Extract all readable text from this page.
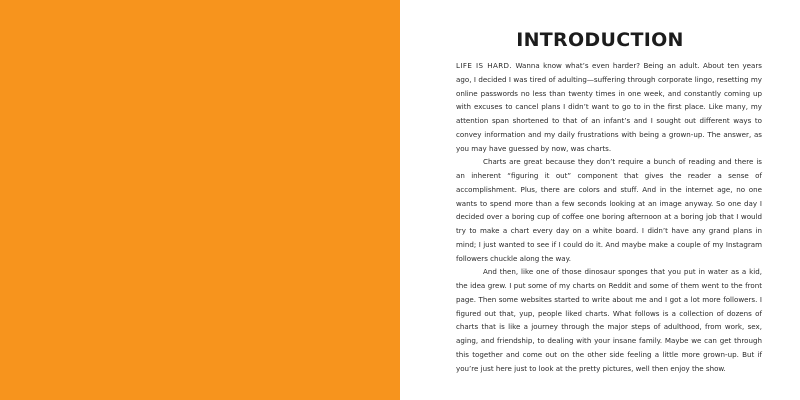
INTRODUCTION

LIFE IS HARD. Wanna know what’s even harder? Being an adult. About ten years ago, I decided I was tired of adulting—suffering through corporate lingo, resetting my online passwords no less than twenty times in one week, and constantly coming up with excuses to cancel plans I didn’t want to go to in the first place. Like many, my attention span shortened to that of an infant’s and I sought out different ways to convey information and my daily frustrations with being a grown-up. The answer, as you may have guessed by now, was charts.

Charts are great because they don’t require a bunch of reading and there is an inherent “figuring it out” component that gives the reader a sense of accomplishment. Plus, there are colors and stuff. And in the internet age, no one wants to spend more than a few seconds looking at an image anyway. So one day I decided over a boring cup of coffee one boring afternoon at a boring job that I would try to make a chart every day on a white board. I didn’t have any grand plans in mind; I just wanted to see if I could do it. And maybe make a couple of my Instagram followers chuckle along the way.

And then, like one of those dinosaur sponges that you put in water as a kid, the idea grew. I put some of my charts on Reddit and some of them went to the front page. Then some websites started to write about me and I got a lot more followers. I figured out that, yup, people liked charts. What follows is a collection of dozens of charts that is like a journey through the major steps of adulthood, from work, sex, aging, and friendship, to dealing with your insane family. Maybe we can get through this together and come out on the other side feeling a little more grown-up. But if you’re just here just to look at the pretty pictures, well then enjoy the show.
